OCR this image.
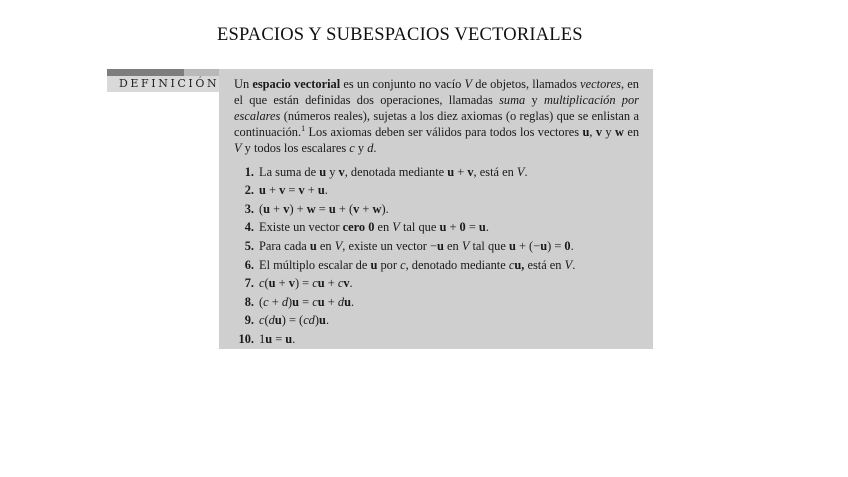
ESPACIOS Y SUBESPACIOS VECTORIALES
DEFINICIÓN Un espacio vectorial es un conjunto no vacío V de objetos, llamados vectores, en el que están definidas dos operaciones, llamadas suma y multiplicación por escalares (números reales), sujetas a los diez axiomas (o reglas) que se enlistan a continuación.$^1$ Los axiomas deben ser válidos para todos los vectores u, v y w en V y todos los escalares c y d.

1. La suma de u y v, denotada mediante u + v, está en V.
2. u + v = v + u.
3. (u + v) + w = u + (v + w).
4. Existe un vector cero 0 en V tal que u + 0 = u.
5. Para cada u en V, existe un vector −u en V tal que u + (−u) = 0.
6. El múltiplo escalar de u por c, denotado mediante cu, está en V.
7. c(u + v) = cu + cv.
8. (c + d)u = cu + du.
9. c(du) = (cd)u.
10. 1u = u.
